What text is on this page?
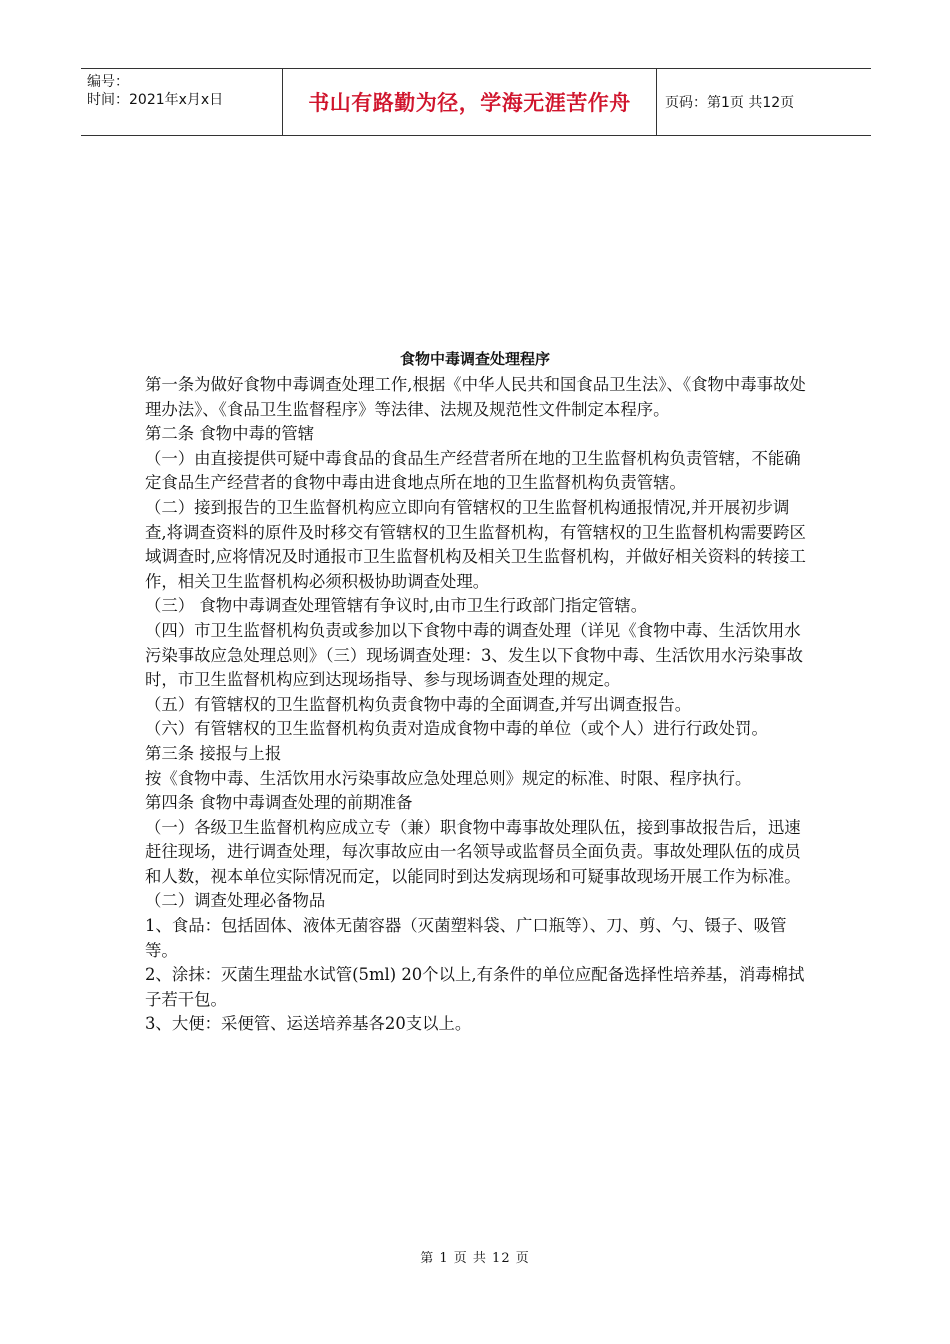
编号：
时间：2021年x月x日	书山有路勤为径，学海无涯苦作舟 页码：第1页 共12页
食物中毒调查处理程序

第一条为做好食物中毒调查处理工作,根据《中华人民共和国食品卫生法》、《食物中毒事故处理办法》、《食品卫生监督程序》等法律、法规及规范性文件制定本程序。

第二条 食物中毒的管辖

（一）由直接提供可疑中毒食品的食品生产经营者所在地的卫生监督机构负责管辖，不能确定食品生产经营者的食物中毒由进食地点所在地的卫生监督机构负责管辖。

（二）接到报告的卫生监督机构应立即向有管辖权的卫生监督机构通报情况,并开展初步调查,将调查资料的原件及时移交有管辖权的卫生监督机构，有管辖权的卫生监督机构需要跨区域调查时,应将情况及时通报市卫生监督机构及相关卫生监督机构，并做好相关资料的转接工作，相关卫生监督机构必须积极协助调查处理。

（三） 食物中毒调查处理管辖有争议时,由市卫生行政部门指定管辖。

（四）市卫生监督机构负责或参加以下食物中毒的调查处理（详见《食物中毒、生活饮用水污染事故应急处理总则》（三）现场调查处理：3、发生以下食物中毒、生活饮用水污染事故时，市卫生监督机构应到达现场指导、参与现场调查处理的规定。

（五）有管辖权的卫生监督机构负责食物中毒的全面调查,并写出调查报告。

（六）有管辖权的卫生监督机构负责对造成食物中毒的单位（或个人）进行行政处罚。

第三条 接报与上报

按《食物中毒、生活饮用水污染事故应急处理总则》规定的标准、时限、程序执行。

第四条 食物中毒调查处理的前期准备

（一）各级卫生监督机构应成立专（兼）职食物中毒事故处理队伍，接到事故报告后，迅速赶往现场，进行调查处理，每次事故应由一名领导或监督员全面负责。事故处理队伍的成员和人数，视本单位实际情况而定，以能同时到达发病现场和可疑事故现场开展工作为标准。

（二）调查处理必备物品

1、食品：包括固体、液体无菌容器（灭菌塑料袋、广口瓶等）、刀、剪、勺、镊子、吸管等。

2、涂抹：灭菌生理盐水试管(5ml) 20个以上,有条件的单位应配备选择性培养基，消毒棉拭子若干包。

3、大便：采便管、运送培养基各20支以上。

第 1 页 共 12 页
